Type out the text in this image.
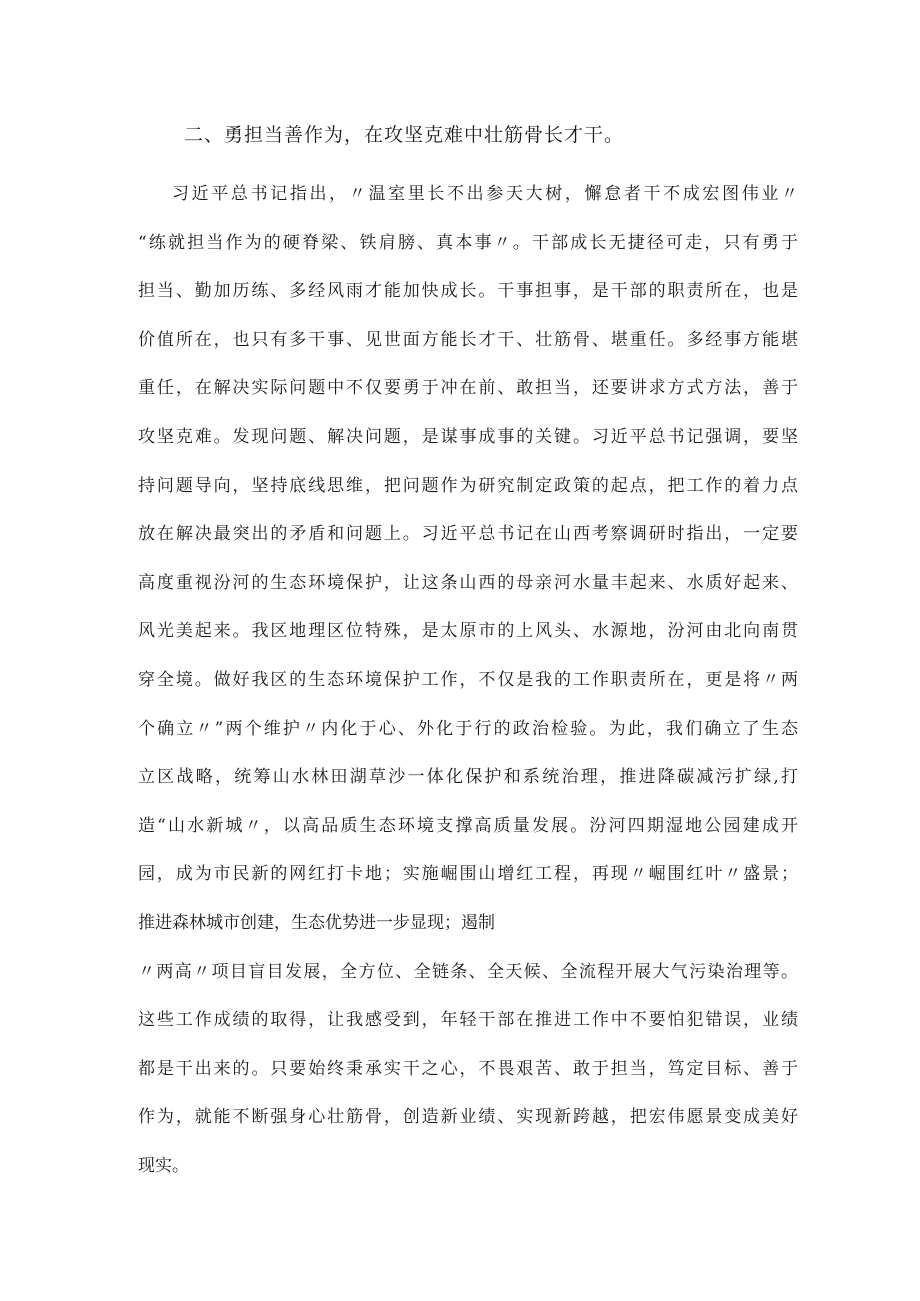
二、勇担当善作为，在攻坚克难中壮筋骨长才干。
习近平总书记指出，〃温室里长不出参天大树，懈怠者干不成宏图伟业〃
“练就担当作为的硬脊梁、铁肩膀、真本事〃。干部成长无捷径可走，只有勇于
担当、勤加历练、多经风雨才能加快成长。干事担事，是干部的职责所在，也是
价值所在，也只有多干事、见世面方能长才干、壮筋骨、堪重任。多经事方能堪
重任，在解决实际问题中不仅要勇于冲在前、敢担当，还要讲求方式方法，善于
攻坚克难。发现问题、解决问题，是谋事成事的关键。习近平总书记强调，要坚
持问题导向，坚持底线思维，把问题作为研究制定政策的起点，把工作的着力点
放在解决最突出的矛盾和问题上。习近平总书记在山西考察调研时指出，一定要
高度重视汾河的生态环境保护，让这条山西的母亲河水量丰起来、水质好起来、
风光美起来。我区地理区位特殊，是太原市的上风头、水源地，汾河由北向南贯
穿全境。做好我区的生态环境保护工作，不仅是我的工作职责所在，更是将〃两
个确立〃”两个维护〃内化于心、外化于行的政治检验。为此，我们确立了生态
立区战略，统筹山水林田湖草沙一体化保护和系统治理，推进降碳减污扩绿,打
造“山水新城〃，以高品质生态环境支撑高质量发展。汾河四期湿地公园建成开
园，成为市民新的网红打卡地；实施崛围山增红工程，再现〃崛围红叶〃盛景；
推进森林城市创建，生态优势进一步显现；遏制
〃两高〃项目盲目发展，全方位、全链条、全天候、全流程开展大气污染治理等。
这些工作成绩的取得，让我感受到，年轻干部在推进工作中不要怕犯错误，业绩
都是干出来的。只要始终秉承实干之心，不畏艰苦、敢于担当，笃定目标、善于
作为，就能不断强身心壮筋骨，创造新业绩、实现新跨越，把宏伟愿景变成美好
现实。
